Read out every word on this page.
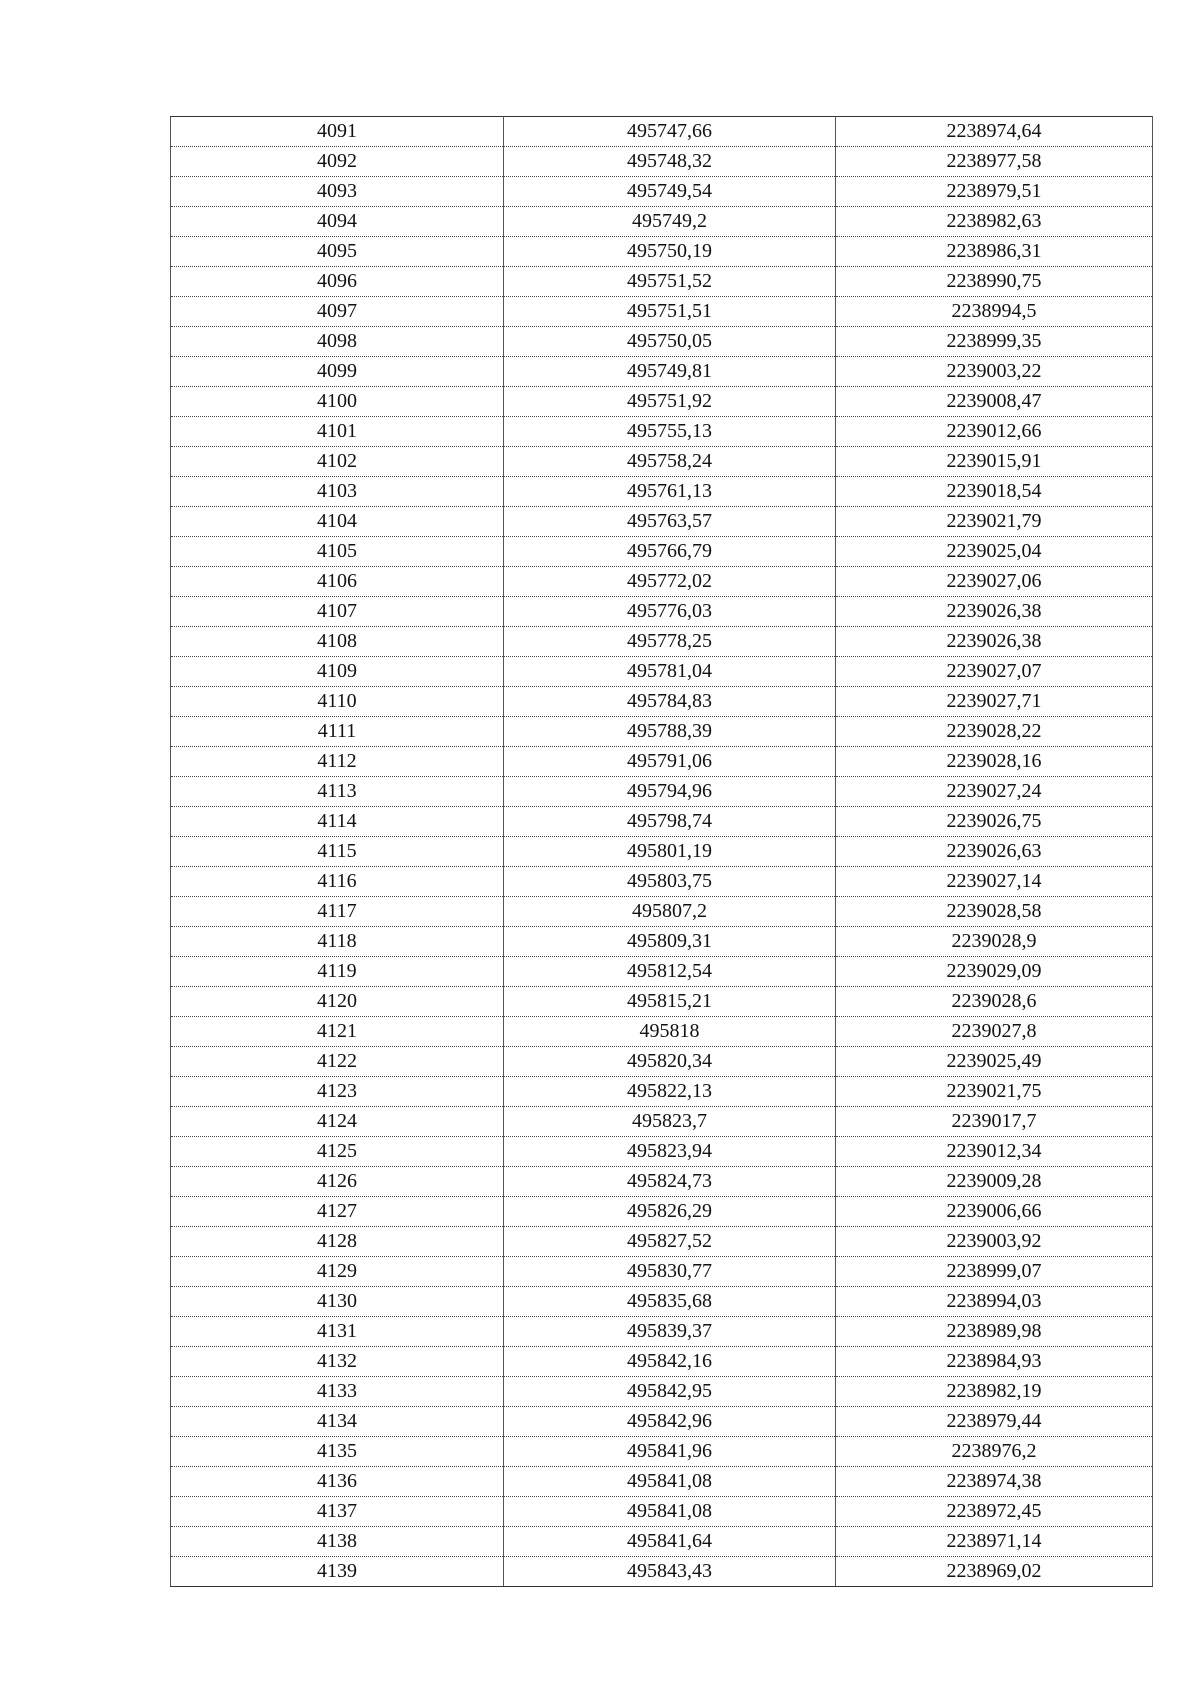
4091	495747,66	2238974,64
4092	495748,32	2238977,58
4093	495749,54	2238979,51
4094	495749,2	2238982,63
4095	495750,19	2238986,31
4096	495751,52	2238990,75
4097	495751,51	2238994,5
4098	495750,05	2238999,35
4099	495749,81	2239003,22
4100	495751,92	2239008,47
4101	495755,13	2239012,66
4102	495758,24	2239015,91
4103	495761,13	2239018,54
4104	495763,57	2239021,79
4105	495766,79	2239025,04
4106	495772,02	2239027,06
4107	495776,03	2239026,38
4108	495778,25	2239026,38
4109	495781,04	2239027,07
4110	495784,83	2239027,71
4111	495788,39	2239028,22
4112	495791,06	2239028,16
4113	495794,96	2239027,24
4114	495798,74	2239026,75
4115	495801,19	2239026,63
4116	495803,75	2239027,14
4117	495807,2	2239028,58
4118	495809,31	2239028,9
4119	495812,54	2239029,09
4120	495815,21	2239028,6
4121	495818	2239027,8
4122	495820,34	2239025,49
4123	495822,13	2239021,75
4124	495823,7	2239017,7
4125	495823,94	2239012,34
4126	495824,73	2239009,28
4127	495826,29	2239006,66
4128	495827,52	2239003,92
4129	495830,77	2238999,07
4130	495835,68	2238994,03
4131	495839,37	2238989,98
4132	495842,16	2238984,93
4133	495842,95	2238982,19
4134	495842,96	2238979,44
4135	495841,96	2238976,2
4136	495841,08	2238974,38
4137	495841,08	2238972,45
4138	495841,64	2238971,14
4139	495843,43	2238969,02
